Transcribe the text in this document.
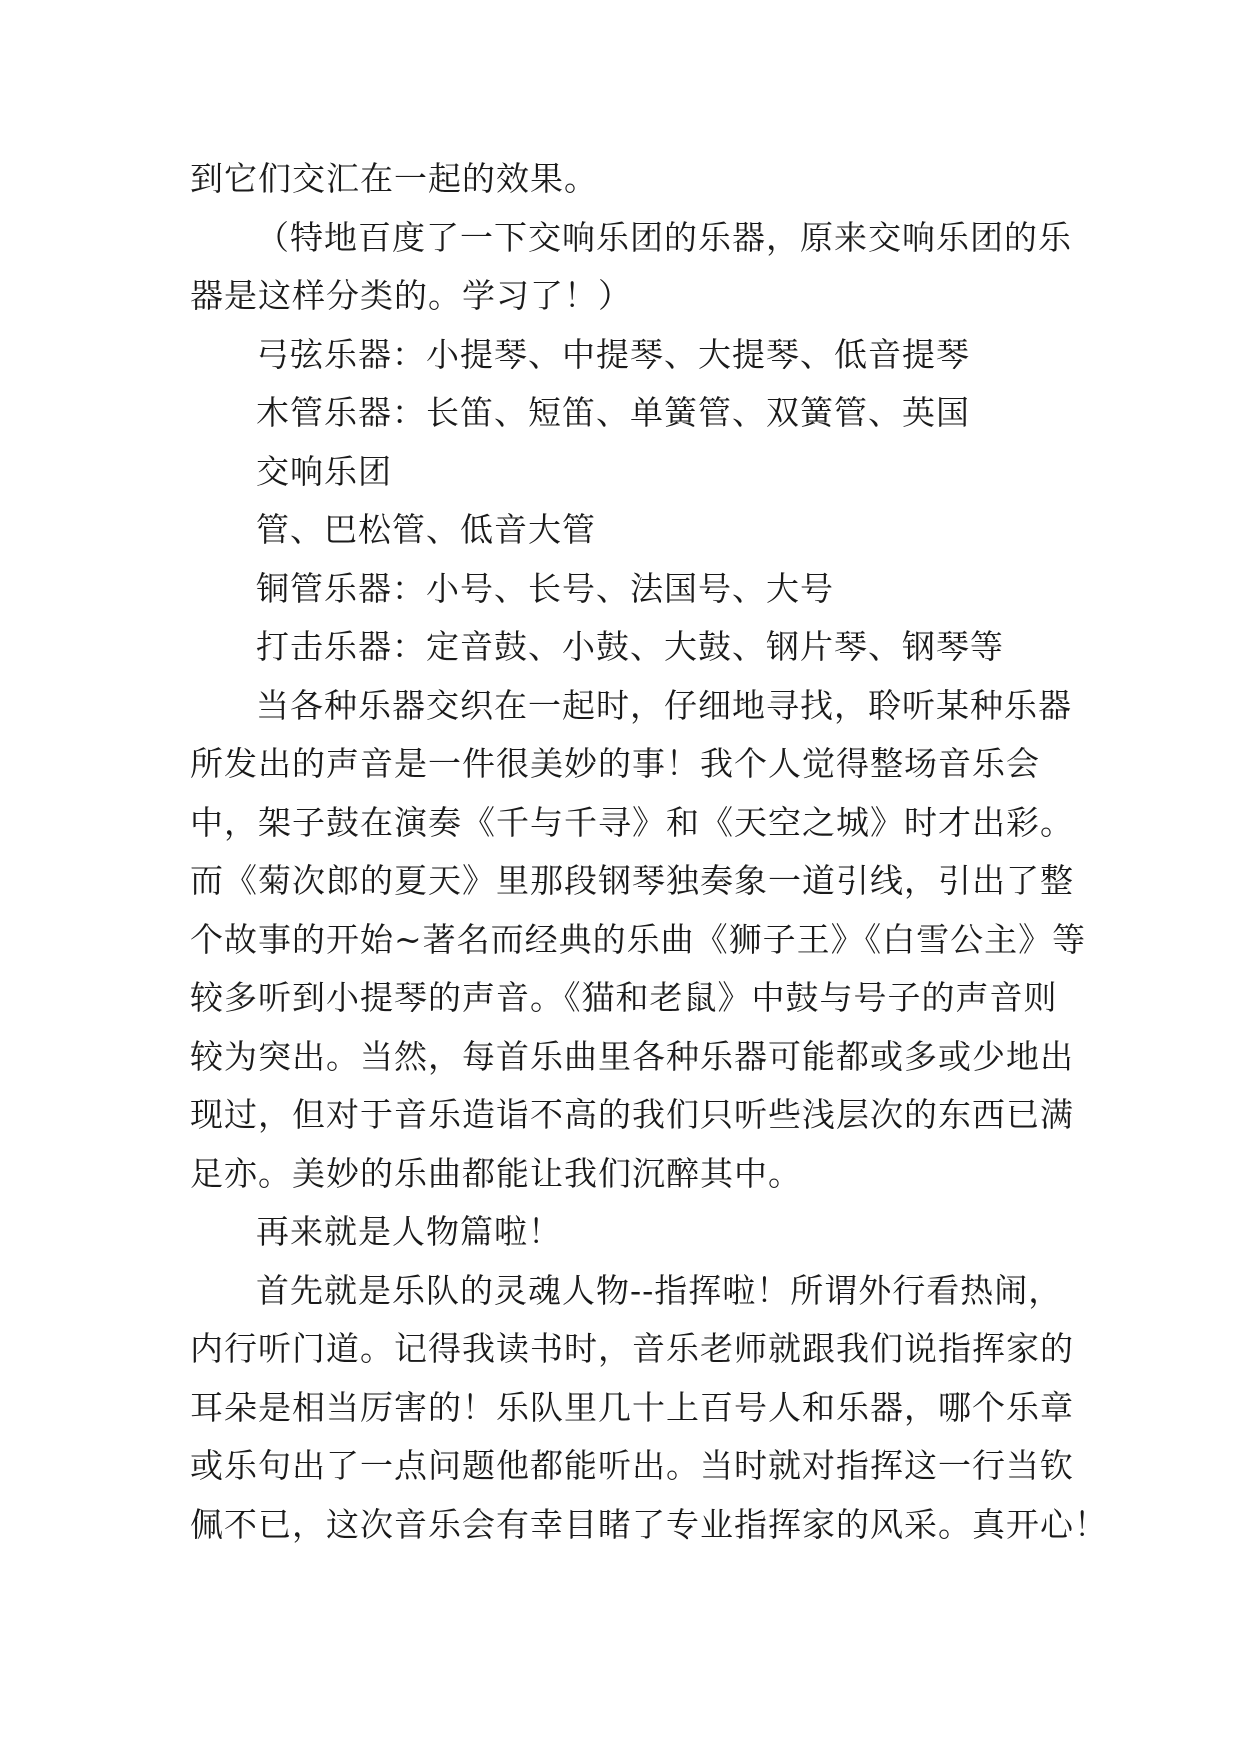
到它们交汇在一起的效果。
（特地百度了一下交响乐团的乐器，原来交响乐团的乐
器是这样分类的。学习了！）
弓弦乐器：小提琴、中提琴、大提琴、低音提琴
木管乐器：长笛、短笛、单簧管、双簧管、英国
交响乐团
管、巴松管、低音大管
铜管乐器：小号、长号、法国号、大号
打击乐器：定音鼓、小鼓、大鼓、钢片琴、钢琴等
当各种乐器交织在一起时，仔细地寻找，聆听某种乐器
所发出的声音是一件很美妙的事！我个人觉得整场音乐会
中，架子鼓在演奏《千与千寻》和《天空之城》时才出彩。
而《菊次郎的夏天》里那段钢琴独奏象一道引线，引出了整
个故事的开始~著名而经典的乐曲《狮子王》《白雪公主》等
较多听到小提琴的声音。《猫和老鼠》中鼓与号子的声音则
较为突出。当然，每首乐曲里各种乐器可能都或多或少地出
现过，但对于音乐造诣不高的我们只听些浅层次的东西已满
足亦。美妙的乐曲都能让我们沉醉其中。
再来就是人物篇啦！
首先就是乐队的灵魂人物--指挥啦！所谓外行看热闹，
内行听门道。记得我读书时，音乐老师就跟我们说指挥家的
耳朵是相当厉害的！乐队里几十上百号人和乐器，哪个乐章
或乐句出了一点问题他都能听出。当时就对指挥这一行当钦
佩不已，这次音乐会有幸目睹了专业指挥家的风采。真开心！
